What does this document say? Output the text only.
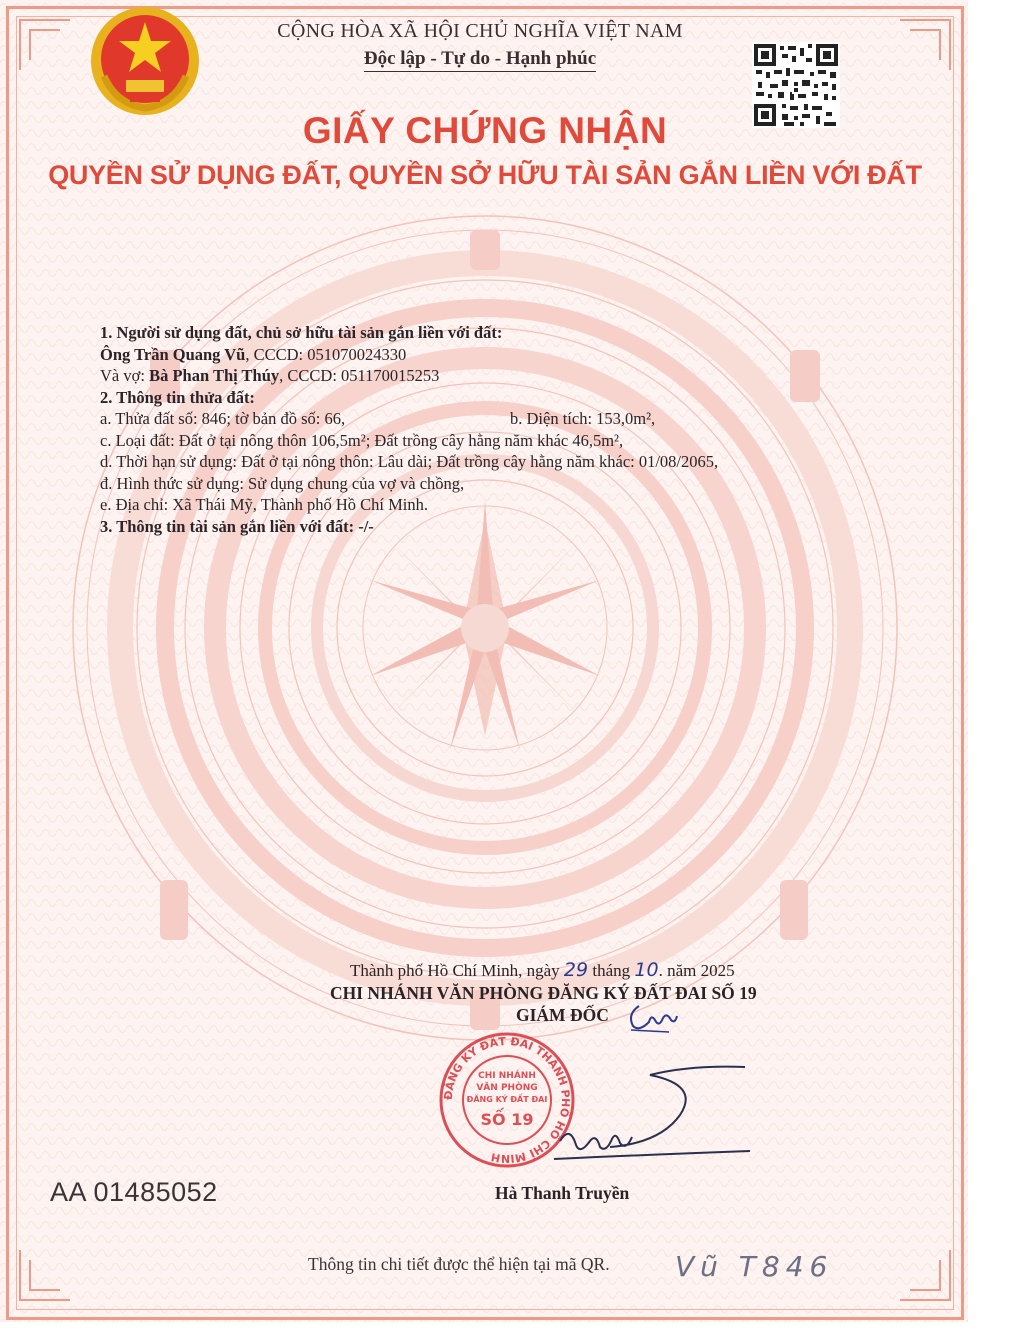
CỘNG HÒA XÃ HỘI CHỦ NGHĨA VIỆT NAM
Độc lập - Tự do - Hạnh phúc
GIẤY CHỨNG NHẬN
QUYỀN SỬ DỤNG ĐẤT, QUYỀN SỞ HỮU TÀI SẢN GẮN LIỀN VỚI ĐẤT
1. Người sử dụng đất, chủ sở hữu tài sản gắn liền với đất:
Ông Trần Quang Vũ, CCCD: 051070024330
Và vợ: Bà Phan Thị Thúy, CCCD: 051170015253
2. Thông tin thửa đất:
a. Thửa đất số: 846; tờ bản đồ số: 66,	b. Diện tích: 153,0m²,
c. Loại đất: Đất ở tại nông thôn 106,5m²; Đất trồng cây hằng năm khác 46,5m²,
d. Thời hạn sử dụng: Đất ở tại nông thôn: Lâu dài; Đất trồng cây hằng năm khác: 01/08/2065,
đ. Hình thức sử dụng: Sử dụng chung của vợ và chồng,
e. Địa chỉ: Xã Thái Mỹ, Thành phố Hồ Chí Minh.
3. Thông tin tài sản gắn liền với đất: -/-
Thành phố Hồ Chí Minh, ngày 29 tháng 10. năm 2025
CHI NHÁNH VĂN PHÒNG ĐĂNG KÝ ĐẤT ĐAI SỐ 19
GIÁM ĐỐC
ĐĂNG KÝ ĐẤT ĐAI THÀNH PHỐ HỒ CHÍ MINH
CHI NHÁNH
VĂN PHÒNG
ĐĂNG KÝ ĐẤT ĐAI
SỐ 19
Hà Thanh Truyền
AA 01485052
Thông tin chi tiết được thể hiện tại mã QR. Vũ T846
